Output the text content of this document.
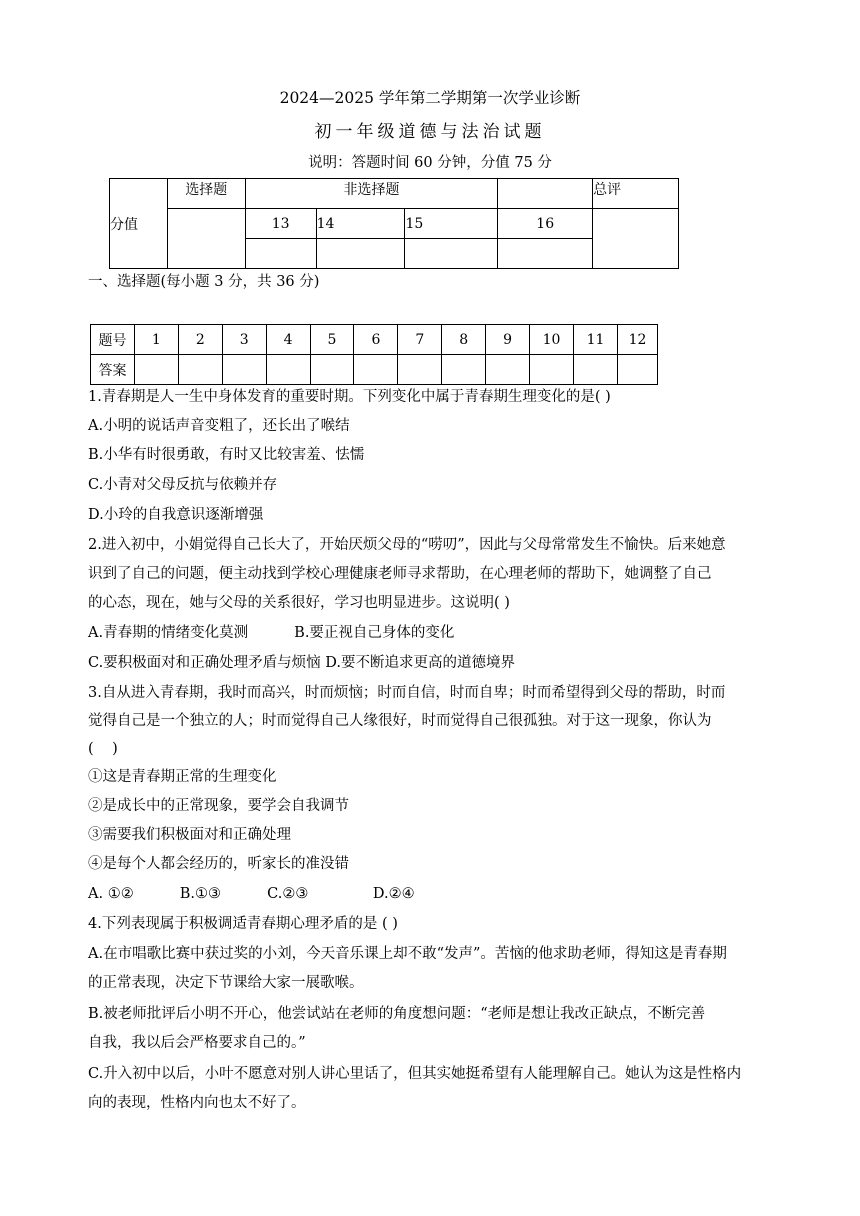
2024—2025 学年第二学期第一次学业诊断
初一年级道德与法治试题
说明：答题时间 60 分钟，分值 75 分
分值	选择题	非选择题				总评
		13	14	15	16	

一、选择题(每小题 3 分，共 36 分)
题号	1	2	3	4	5	6	7	8	9	10	11	12
答案												
1.青春期是人一生中身体发育的重要时期。下列变化中属于青春期生理变化的是( )
A.小明的说话声音变粗了，还长出了喉结
B.小华有时很勇敢，有时又比较害羞、怯懦
C.小青对父母反抗与依赖并存
D.小玲的自我意识逐渐增强
2.进入初中，小娟觉得自己长大了，开始厌烦父母的“唠叨”，因此与父母常常发生不愉快。后来她意
识到了自己的问题，便主动找到学校心理健康老师寻求帮助，在心理老师的帮助下，她调整了自己
的心态，现在，她与父母的关系很好，学习也明显进步。这说明( )
A.青春期的情绪变化莫测          B.要正视自己身体的变化
C.要积极面对和正确处理矛盾与烦恼 D.要不断追求更高的道德境界
3.自从进入青春期，我时而高兴，时而烦恼；时而自信，时而自卑；时而希望得到父母的帮助，时而
觉得自己是一个独立的人；时而觉得自己人缘很好，时而觉得自己很孤独。对于这一现象，你认为
(    )
①这是青春期正常的生理变化
②是成长中的正常现象，要学会自我调节
③需要我们积极面对和正确处理
④是每个人都会经历的，听家长的准没错
A. ①②          B.①③          C.②③              D.②④
4.下列表现属于积极调适青春期心理矛盾的是 ( )
A.在市唱歌比赛中获过奖的小刘，今天音乐课上却不敢“发声”。苦恼的他求助老师，得知这是青春期
的正常表现，决定下节课给大家一展歌喉。
B.被老师批评后小明不开心，他尝试站在老师的角度想问题：“老师是想让我改正缺点，不断完善
自我，我以后会严格要求自己的。”
C.升入初中以后，小叶不愿意对别人讲心里话了，但其实她挺希望有人能理解自己。她认为这是性格内
向的表现，性格内向也太不好了。
